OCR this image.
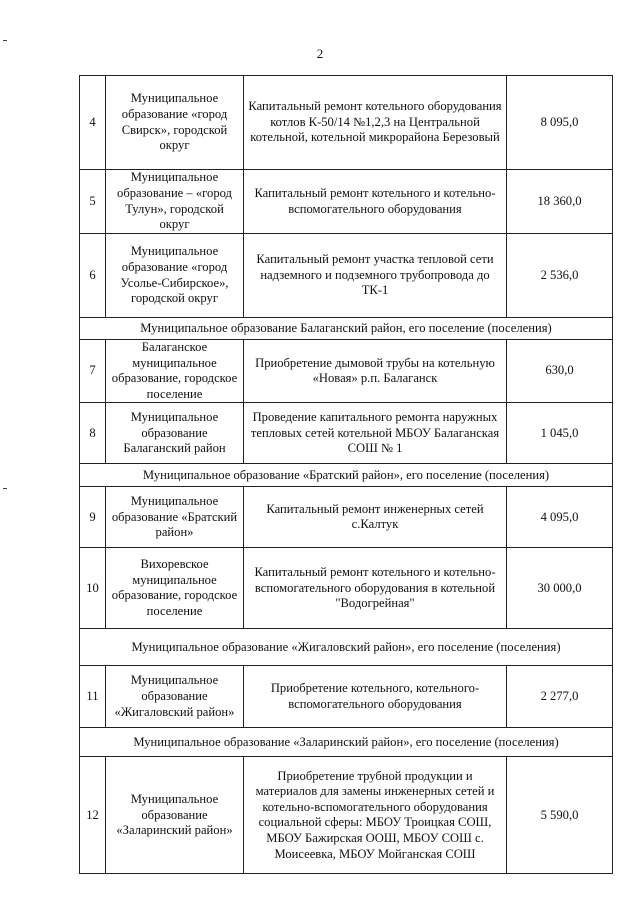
2
4	Муниципальное образование «город Свирск», городской округ	Капитальный ремонт котельного оборудования котлов К-50/14 №1,2,3 на Центральной котельной, котельной микрорайона Березовый	8 095,0
5	Муниципальное образование – «город Тулун», городской округ	Капитальный ремонт котельного и котельно-вспомогательного оборудования	18 360,0
6	Муниципальное образование «город Усолье-Сибирское», городской округ	Капитальный ремонт участка тепловой сети надземного и подземного трубопровода до ТК-1	2 536,0
Муниципальное образование Балаганский район, его поселение (поселения)			
7	Балаганское муниципальное образование, городское поселение	Приобретение дымовой трубы на котельную «Новая» р.п. Балаганск	630,0
8	Муниципальное образование Балаганский район	Проведение капитального ремонта наружных тепловых сетей котельной МБОУ Балаганская СОШ № 1	1 045,0
Муниципальное образование «Братский район», его поселение (поселения)			
9	Муниципальное образование «Братский район»	Капитальный ремонт инженерных сетей с.Калтук	4 095,0
10	Вихоревское муниципальное образование, городское поселение	Капитальный ремонт котельного и котельно-вспомогательного оборудования в котельной "Водогрейная"	30 000,0
Муниципальное образование «Жигаловский район», его поселение (поселения)			
11	Муниципальное образование «Жигаловский район»	Приобретение котельного, котельного-вспомогательного оборудования	2 277,0
Муниципальное образование «Заларинский район», его поселение (поселения)			
12	Муниципальное образование «Заларинский район»	Приобретение трубной продукции и материалов для замены инженерных сетей и котельно-вспомогательного оборудования социальной сферы: МБОУ Троицкая СОШ, МБОУ Бажирская ООШ, МБОУ СОШ с. Моисеевка, МБОУ Мойганская СОШ	5 590,0
